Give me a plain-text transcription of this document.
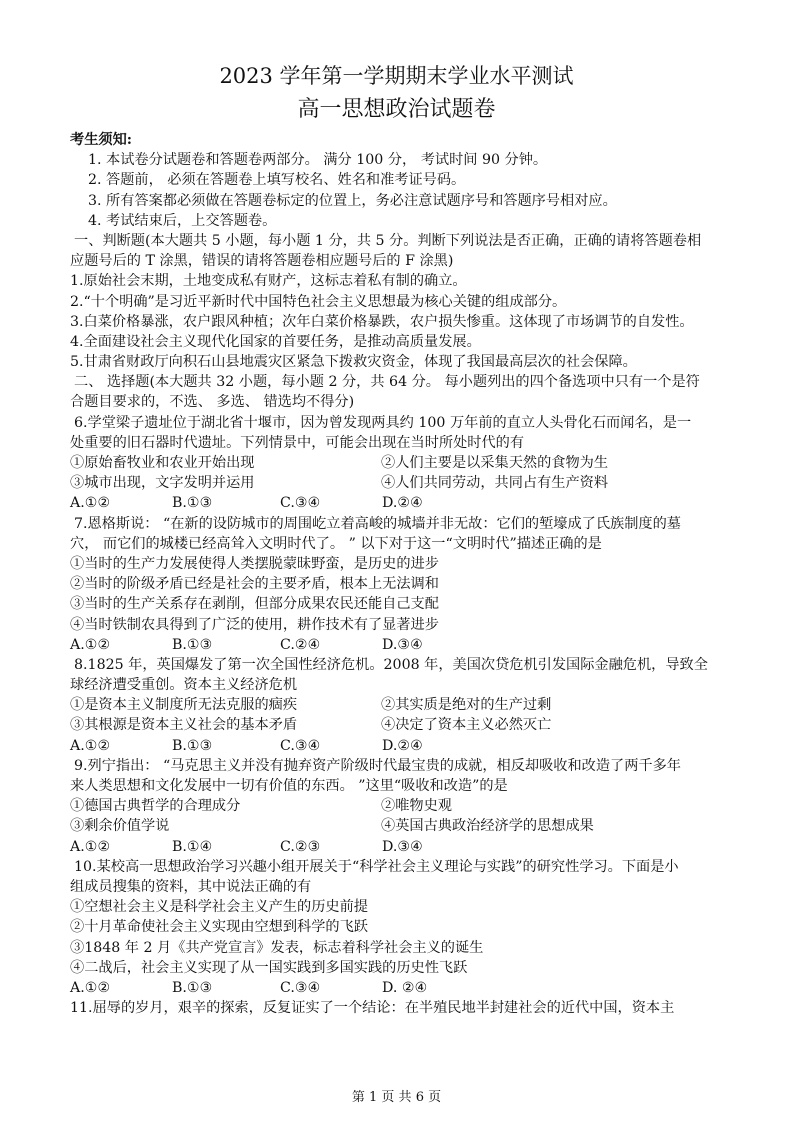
2023 学年第一学期期末学业水平测试
高一思想政治试题卷
考生须知:
1. 本试卷分试题卷和答题卷两部分。 满分 100 分， 考试时间 90 分钟。
2. 答题前， 必须在答题卷上填写校名、姓名和准考证号码。
3. 所有答案都必须做在答题卷标定的位置上，务必注意试题序号和答题序号相对应。
4. 考试结束后，上交答题卷。
一、判断题(本大题共 5 小题，每小题 1 分，共 5 分。判断下列说法是否正确，正确的请将答题卷相
应题号后的 T 涂黑，错误的请将答题卷相应题号后的 F 涂黑)
1.原始社会末期，土地变成私有财产，这标志着私有制的确立。
2.“十个明确”是习近平新时代中国特色社会主义思想最为核心关键的组成部分。
3.白菜价格暴涨，农户跟风种植；次年白菜价格暴跌，农户损失惨重。这体现了市场调节的自发性。
4.全面建设社会主义现代化国家的首要任务，是推动高质量发展。
5.甘肃省财政厅向积石山县地震灾区紧急下拨救灾资金，体现了我国最高层次的社会保障。
二、 选择题(本大题共 32 小题，每小题 2 分，共 64 分。 每小题列出的四个备选项中只有一个是符
合题目要求的，不选、 多选、 错选均不得分)
6.学堂梁子遗址位于湖北省十堰市，因为曾发现两具约 100 万年前的直立人头骨化石而闻名，是一
处重要的旧石器时代遗址。下列情景中，可能会出现在当时所处时代的有
①原始畜牧业和农业开始出现	②人们主要是以采集天然的食物为生
③城市出现，文字发明并运用	④人们共同劳动，共同占有生产资料
A.①②	B.①③	C.③④	D.②④
7.恩格斯说： “在新的设防城市的周围屹立着高峻的城墙并非无故：它们的堑壕成了氏族制度的墓
穴， 而它们的城楼已经高耸入文明时代了。 ” 以下对于这一“文明时代”描述正确的是
①当时的生产力发展使得人类摆脱蒙昧野蛮，是历史的进步
②当时的阶级矛盾已经是社会的主要矛盾，根本上无法调和
③当时的生产关系存在剥削，但部分成果农民还能自己支配
④当时铁制农具得到了广泛的使用，耕作技术有了显著进步
A.①②	B.①③	C.②④	D.③④
8.1825 年，英国爆发了第一次全国性经济危机。2008 年，美国次贷危机引发国际金融危机，导致全
球经济遭受重创。资本主义经济危机
①是资本主义制度所无法克服的痼疾	②其实质是绝对的生产过剩
③其根源是资本主义社会的基本矛盾	④决定了资本主义必然灭亡
A.①②	B.①③	C.③④	D.②④
9.列宁指出： “马克思主义并没有抛弃资产阶级时代最宝贵的成就，相反却吸收和改造了两千多年
来人类思想和文化发展中一切有价值的东西。 ”这里“吸收和改造”的是
①德国古典哲学的合理成分	②唯物史观
③剩余价值学说	④英国古典政治经济学的思想成果
A.①②	B.①④	C.②③	D.③④
10.某校高一思想政治学习兴趣小组开展关于“科学社会主义理论与实践”的研究性学习。下面是小
组成员搜集的资料，其中说法正确的有
①空想社会主义是科学社会主义产生的历史前提
②十月革命使社会主义实现由空想到科学的飞跃
③1848 年 2 月《共产党宣言》发表，标志着科学社会主义的诞生
④二战后，社会主义实现了从一国实践到多国实践的历史性飞跃
A.①②	B.①③	C.③④	D. ②④
11.屈辱的岁月，艰辛的探索，反复证实了一个结论：在半殖民地半封建社会的近代中国，资本主
第 1 页 共 6 页
